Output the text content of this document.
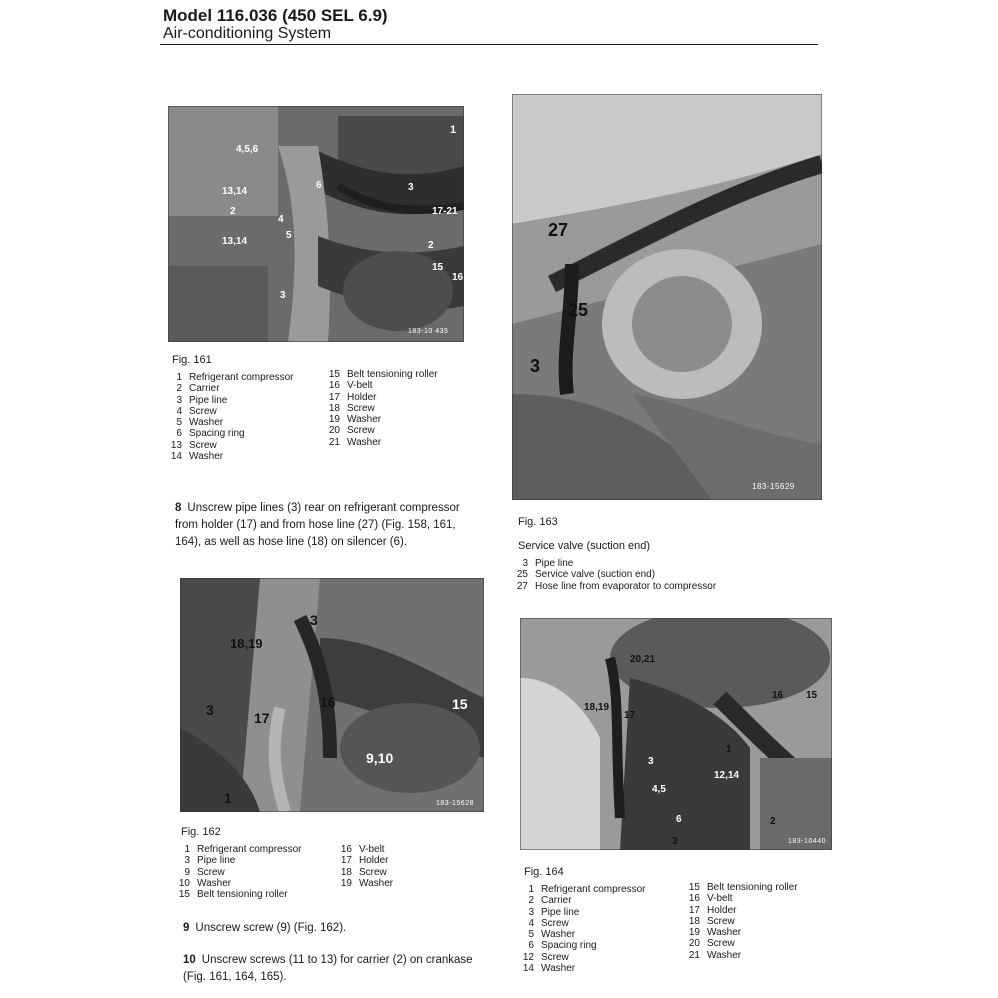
Model 116.036 (450 SEL 6.9)
Air-conditioning System
1
4,5,6
13,14
2
4
5
6	3
17-21
2
13,14
15
16
3
183-10 435
Fig. 161
1 Refrigerant compressor
2 Carrier
3 Pipe line
4 Screw
5 Washer
6 Spacing ring
13 Screw
14 Washer
15 Belt tensioning roller
16 V-belt
17 Holder
18 Screw
19 Washer
20 Screw
21 Washer
8 Unscrew pipe lines (3) rear on refrigerant compressor from holder (17) and from hose line (27) (Fig. 158, 161, 164), as well as hose line (18) on silencer (6).
3
18,19
3	17
16	15
9,10
1	183-15628
Fig. 162
1 Refrigerant compressor
3 Pipe line
9 Screw
10 Washer
15 Belt tensioning roller
16 V-belt
17 Holder
18 Screw
19 Washer
9 Unscrew screw (9) (Fig. 162).
10 Unscrew screws (11 to 13) for carrier (2) on crankase (Fig. 161, 164, 165).
27
25
3
183-15629
Fig. 163
Service valve (suction end)
3 Pipe line
25 Service valve (suction end)
27 Hose line from evaporator to compressor
20,21
18,19
17
16 15
1
3
12,14
4,5
6	2
3	183-10440
Fig. 164
1 Refrigerant compressor
2 Carrier
3 Pipe line
4 Screw
5 Washer
6 Spacing ring
12 Screw
14 Washer
15 Belt tensioning roller
16 V-belt
17 Holder
18 Screw
19 Washer
20 Screw
21 Washer
